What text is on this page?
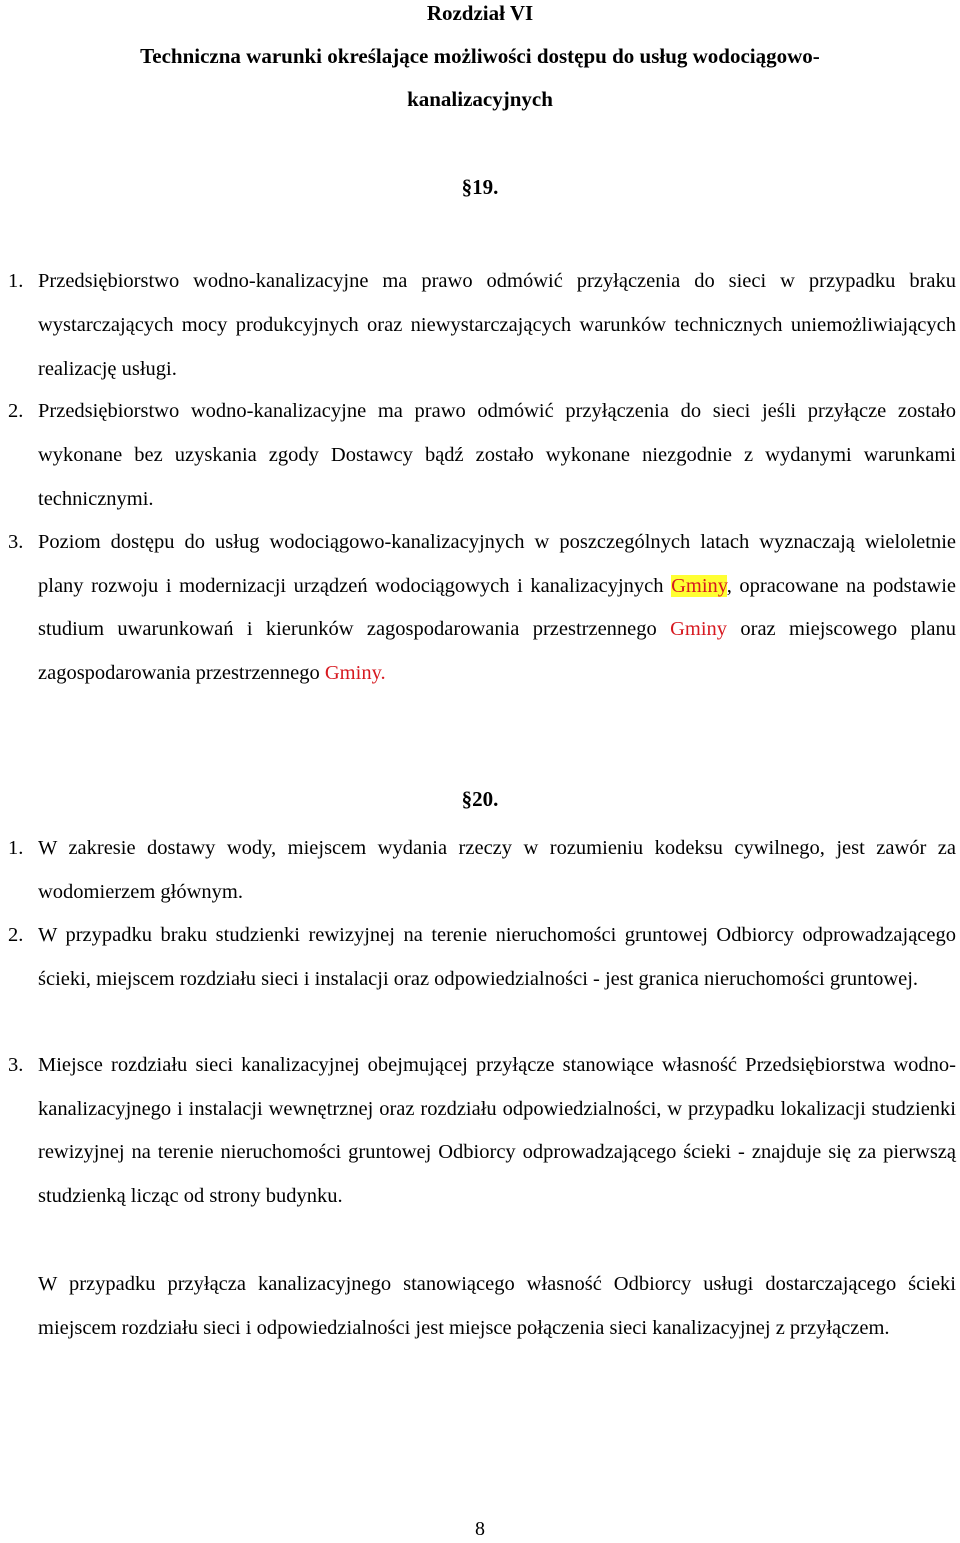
Rozdział VI
Techniczna warunki określające możliwości dostępu do usług wodociągowo-
kanalizacyjnych
§19.
1. Przedsiębiorstwo wodno-kanalizacyjne ma prawo odmówić przyłączenia do sieci w przypadku braku wystarczających mocy produkcyjnych oraz niewystarczających warunków technicznych uniemożliwiających realizację usługi.
2. Przedsiębiorstwo wodno-kanalizacyjne ma prawo odmówić przyłączenia do sieci jeśli przyłącze zostało wykonane bez uzyskania zgody Dostawcy bądź zostało wykonane niezgodnie z wydanymi warunkami technicznymi.
3. Poziom dostępu do usług wodociągowo-kanalizacyjnych w poszczególnych latach wyznaczają wieloletnie plany rozwoju i modernizacji urządzeń wodociągowych i kanalizacyjnych Gminy, opracowane na podstawie studium uwarunkowań i kierunków zagospodarowania przestrzennego Gminy oraz miejscowego planu zagospodarowania przestrzennego Gminy.
§20.
1. W zakresie dostawy wody, miejscem wydania rzeczy w rozumieniu kodeksu cywilnego, jest zawór za wodomierzem głównym.
2. W przypadku braku studzienki rewizyjnej na terenie nieruchomości gruntowej Odbiorcy odprowadzającego ścieki, miejscem rozdziału sieci i instalacji oraz odpowiedzialności - jest granica nieruchomości gruntowej.
3. Miejsce rozdziału sieci kanalizacyjnej obejmującej przyłącze stanowiące własność Przedsiębiorstwa wodno-kanalizacyjnego i instalacji wewnętrznej oraz rozdziału odpowiedzialności, w przypadku lokalizacji studzienki rewizyjnej na terenie nieruchomości gruntowej Odbiorcy odprowadzającego ścieki - znajduje się za pierwszą studzienką licząc od strony budynku.
W przypadku przyłącza kanalizacyjnego stanowiącego własność Odbiorcy usługi dostarczającego ścieki miejscem rozdziału sieci i odpowiedzialności jest miejsce połączenia sieci kanalizacyjnej z przyłączem.
8
